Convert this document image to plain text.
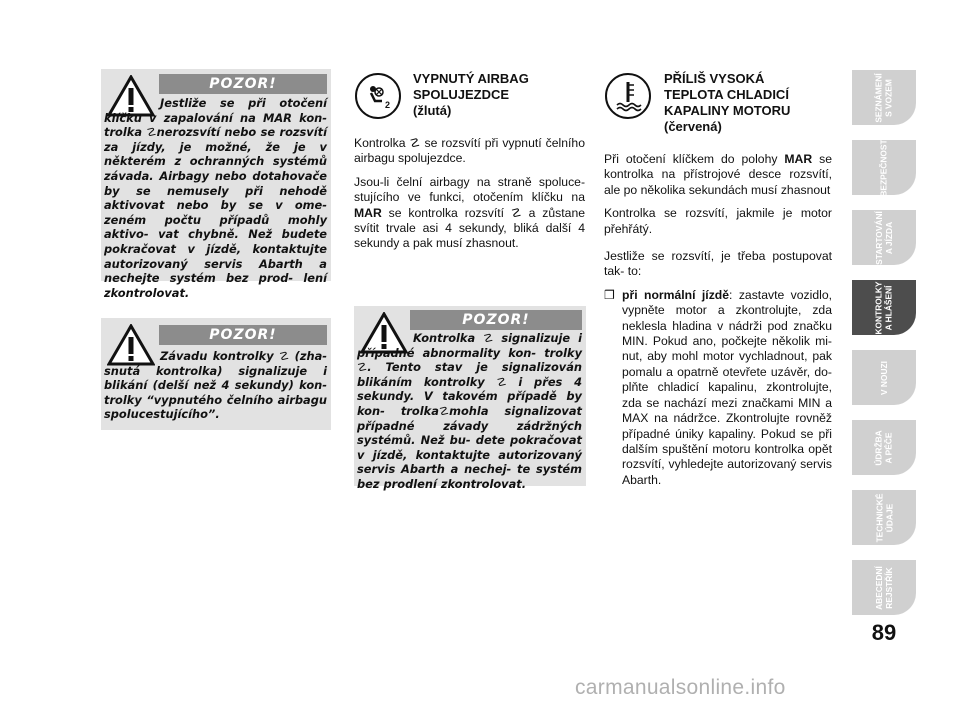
POZOR!
Jestliže se při otočení klíčku v zapalování na MAR kon- trolka ☡nerozsvítí nebo se rozsvítí za jízdy, je možné, že je v některém z ochranných systémů závada. Airbagy nebo dotahovače by se nemusely při nehodě aktivovat nebo by se v ome- zeném počtu případů mohly aktivo- vat chybně. Než budete pokračovat v jízdě, kontaktujte autorizovaný servis Abarth a nechejte systém bez prod- lení zkontrolovat.
POZOR!
Závadu kontrolky ☡ (zha- snutá kontrolka) signalizuje i blikání (delší než 4 sekundy) kon- trolky “vypnutého čelního airbagu spolucestujícího”.
2
VYPNUTÝ AIRBAG
SPOLUJEZDCE
(žlutá)

Kontrolka ☡ se rozsvítí při vypnutí čelního airbagu spolujezdce.

Jsou-li čelní airbagy na straně spoluce- stujícího ve funkci, otočením klíčku na MAR se kontrolka rozsvítí ☡ a zůstane svítit trvale asi 4 sekundy, bliká další 4 sekundy a pak musí zhasnout.

POZOR!
Kontrolka ☡ signalizuje i případné abnormality kon- trolky ☡. Tento stav je signalizován blikáním kontrolky ☡ i přes 4 sekundy. V takovém případě by kon- trolka☡mohla signalizovat případné závady zádržných systémů. Než bu- dete pokračovat v jízdě, kontaktujte autorizovaný servis Abarth a nechej- te systém bez prodlení zkontrolovat.
PŘÍLIŠ VYSOKÁ
TEPLOTA CHLADICÍ
KAPALINY MOTORU
(červená)

Při otočení klíčkem do polohy MAR se kontrolka na přístrojové desce rozsvítí, ale po několika sekundách musí zhasnout

Kontrolka se rozsvítí, jakmile je motor přehřátý.

Jestliže se rozsvítí, je třeba postupovat tak- to:

❒ při normální jízdě: zastavte vozidlo, vypněte motor a zkontrolujte, zda neklesla hladina v nádrži pod značku MIN. Pokud ano, počkejte několik mi- nut, aby mohl motor vychladnout, pak pomalu a opatrně otevřete uzávěr, do- plňte chladicí kapalinu, zkontrolujte, zda se nachází mezi značkami MIN a MAX na nádržce. Zkontrolujte rovněž případné úniky kapaliny. Pokud se při dalším spuštění motoru kontrolka opět rozsvítí, vyhledejte autorizovaný servis Abarth.
SEZNÁMENÍ S VOZEM
BEZPEČNOST
STARTOVÁNÍ A JÍZDA
KONTROLKY A HLÁŠENÍ
V NOUZI
ÚDRŽBA A PÉČE
TECHNICKÉ ÚDAJE
ABECEDNÍ REJSTŘÍK
89
carmanualsonline.info
